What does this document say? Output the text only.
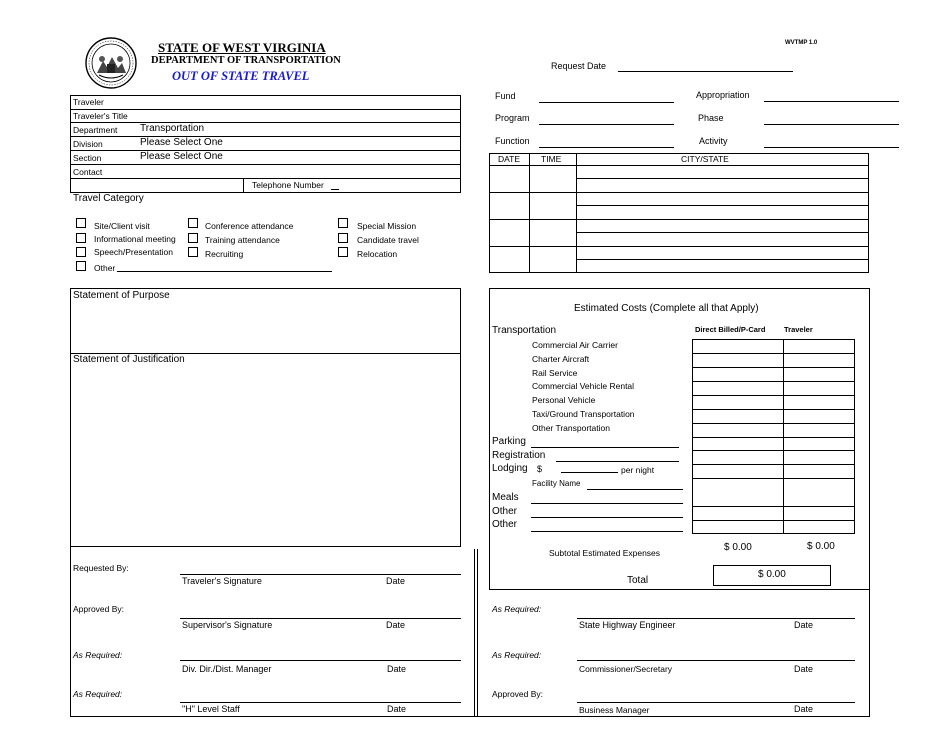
STATE OF WEST VIRGINIA
DEPARTMENT OF TRANSPORTATION
OUT OF STATE TRAVEL
WVTMP 1.0
Request Date
Traveler
Traveler's Title
Department Transportation
Division	Please Select One
Section	Please Select One
Contact
Telephone Number
Travel Category
Site/Client visit
Informational meeting
Speech/Presentation
Other
Conference attendance
Training attendance
Recruiting
Special Mission
Candidate travel
Relocation
Statement of Purpose
Statement of Justification
Fund
Program
Function
Appropriation
Phase
Activity
DATE TIME	CITY/STATE
Estimated Costs (Complete all that Apply)
Transportation	Direct Billed/P-Card Traveler
Commercial Air Carrier
Charter Aircraft
Rail Service
Commercial Vehicle Rental
Personal Vehicle
Taxi/Ground Transportation
Other Transportation
Parking
Registration
Lodging $	per night
Facility Name
Meals
Other
Other
Subtotal Estimated Expenses	$ 0.00	$ 0.00
Total
$ 0.00
Requested By:
Traveler's Signature	Date
Approved By:
Supervisor's Signature	Date
As Required:
Div. Dir./Dist. Manager	Date
As Required:
"H" Level Staff	Date
As Required:
State Highway Engineer	Date
As Required:
Commissioner/Secretary	Date
Approved By:
Business Manager	Date
